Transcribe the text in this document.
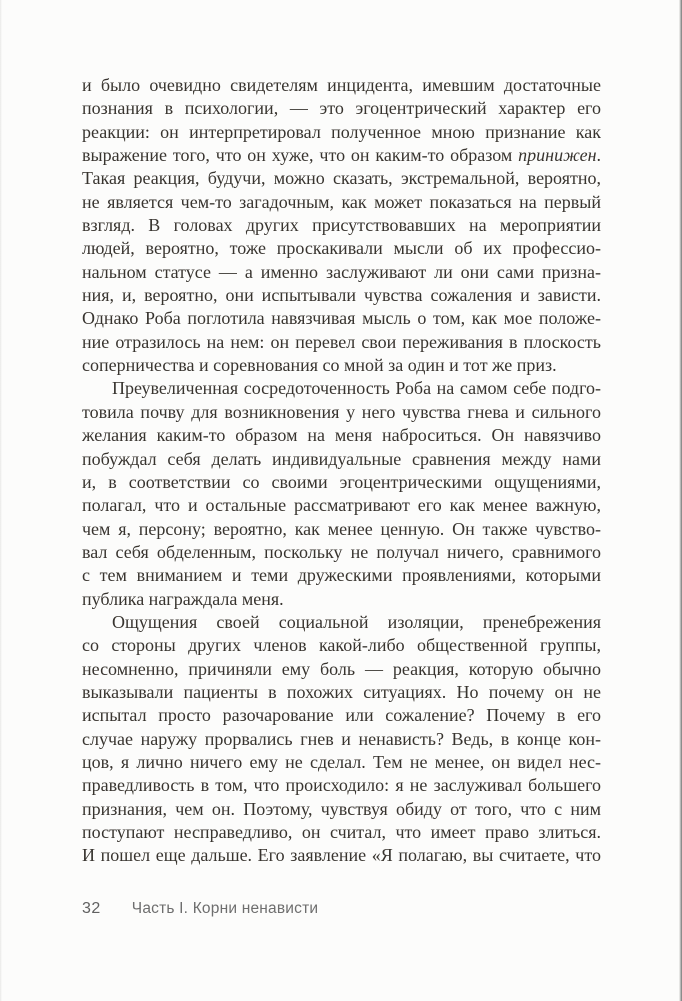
и было очевидно свидетелям инцидента, имевшим достаточные
познания в психологии, — это эгоцентрический характер его
реакции: он интерпретировал полученное мною признание как
выражение того, что он хуже, что он каким-то образом принижен.
Такая реакция, будучи, можно сказать, экстремальной, вероятно,
не является чем-то загадочным, как может показаться на первый
взгляд. В головах других присутствовавших на мероприятии
людей, вероятно, тоже проскакивали мысли об их профессио-
нальном статусе — а именно заслуживают ли они сами призна-
ния, и, вероятно, они испытывали чувства сожаления и зависти.
Однако Роба поглотила навязчивая мысль о том, как мое положе-
ние отразилось на нем: он перевел свои переживания в плоскость
соперничества и соревнования со мной за один и тот же приз.
Преувеличенная сосредоточенность Роба на самом себе подго-
товила почву для возникновения у него чувства гнева и сильного
желания каким-то образом на меня наброситься. Он навязчиво
побуждал себя делать индивидуальные сравнения между нами
и, в соответствии со своими эгоцентрическими ощущениями,
полагал, что и остальные рассматривают его как менее важную,
чем я, персону; вероятно, как менее ценную. Он также чувство-
вал себя обделенным, поскольку не получал ничего, сравнимого
с тем вниманием и теми дружескими проявлениями, которыми
публика награждала меня.
Ощущения своей социальной изоляции, пренебрежения
со стороны других членов какой-либо общественной группы,
несомненно, причиняли ему боль — реакция, которую обычно
выказывали пациенты в похожих ситуациях. Но почему он не
испытал просто разочарование или сожаление? Почему в его
случае наружу прорвались гнев и ненависть? Ведь, в конце кон-
цов, я лично ничего ему не сделал. Тем не менее, он видел нес-
праведливость в том, что происходило: я не заслуживал большего
признания, чем он. Поэтому, чувствуя обиду от того, что с ним
поступают несправедливо, он считал, что имеет право злиться.
И пошел еще дальше. Его заявление «Я полагаю, вы считаете, что
32 Часть I. Корни ненависти
